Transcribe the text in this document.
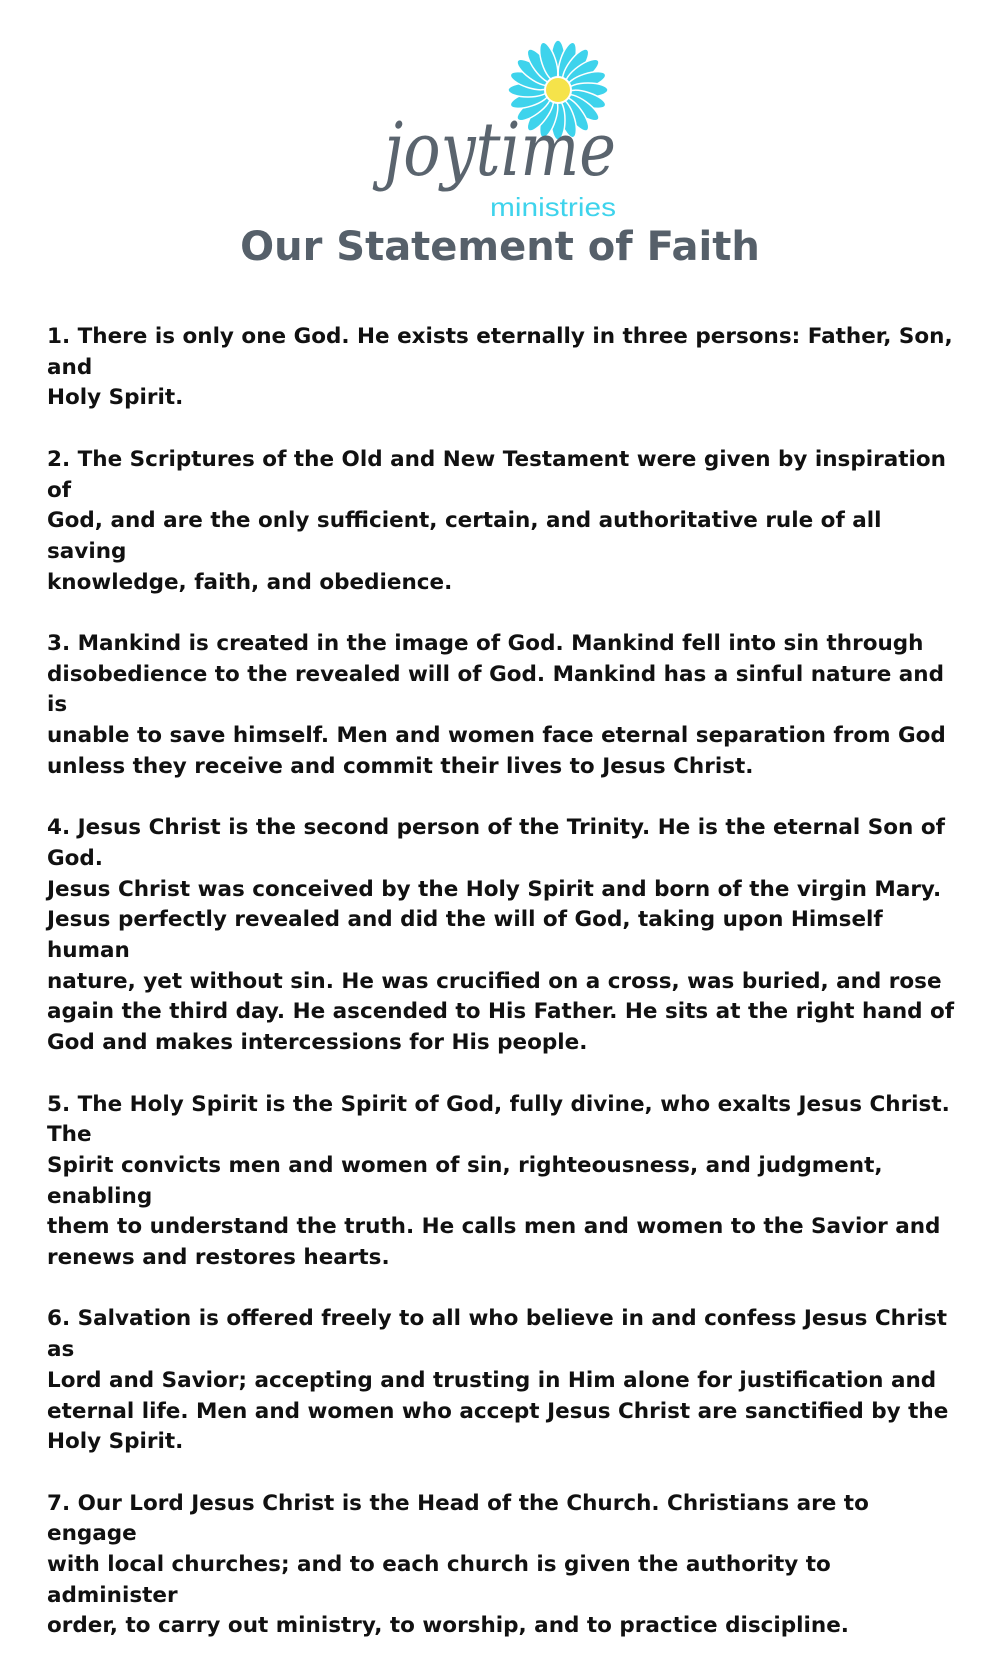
joytime
ministries
Our Statement of Faith

1. There is only one God. He exists eternally in three persons: Father, Son, and
Holy Spirit.

2. The Scriptures of the Old and New Testament were given by inspiration of
God, and are the only sufficient, certain, and authoritative rule of all saving
knowledge, faith, and obedience.

3. Mankind is created in the image of God. Mankind fell into sin through
disobedience to the revealed will of God. Mankind has a sinful nature and is
unable to save himself. Men and women face eternal separation from God
unless they receive and commit their lives to Jesus Christ.

4. Jesus Christ is the second person of the Trinity. He is the eternal Son of God.
Jesus Christ was conceived by the Holy Spirit and born of the virgin Mary.
Jesus perfectly revealed and did the will of God, taking upon Himself human
nature, yet without sin. He was crucified on a cross, was buried, and rose
again the third day. He ascended to His Father. He sits at the right hand of
God and makes intercessions for His people.

5. The Holy Spirit is the Spirit of God, fully divine, who exalts Jesus Christ. The
Spirit convicts men and women of sin, righteousness, and judgment, enabling
them to understand the truth. He calls men and women to the Savior and
renews and restores hearts.

6. Salvation is offered freely to all who believe in and confess Jesus Christ as
Lord and Savior; accepting and trusting in Him alone for justification and
eternal life. Men and women who accept Jesus Christ are sanctified by the
Holy Spirit.

7. Our Lord Jesus Christ is the Head of the Church. Christians are to engage
with local churches; and to each church is given the authority to administer
order, to carry out ministry, to worship, and to practice discipline.
